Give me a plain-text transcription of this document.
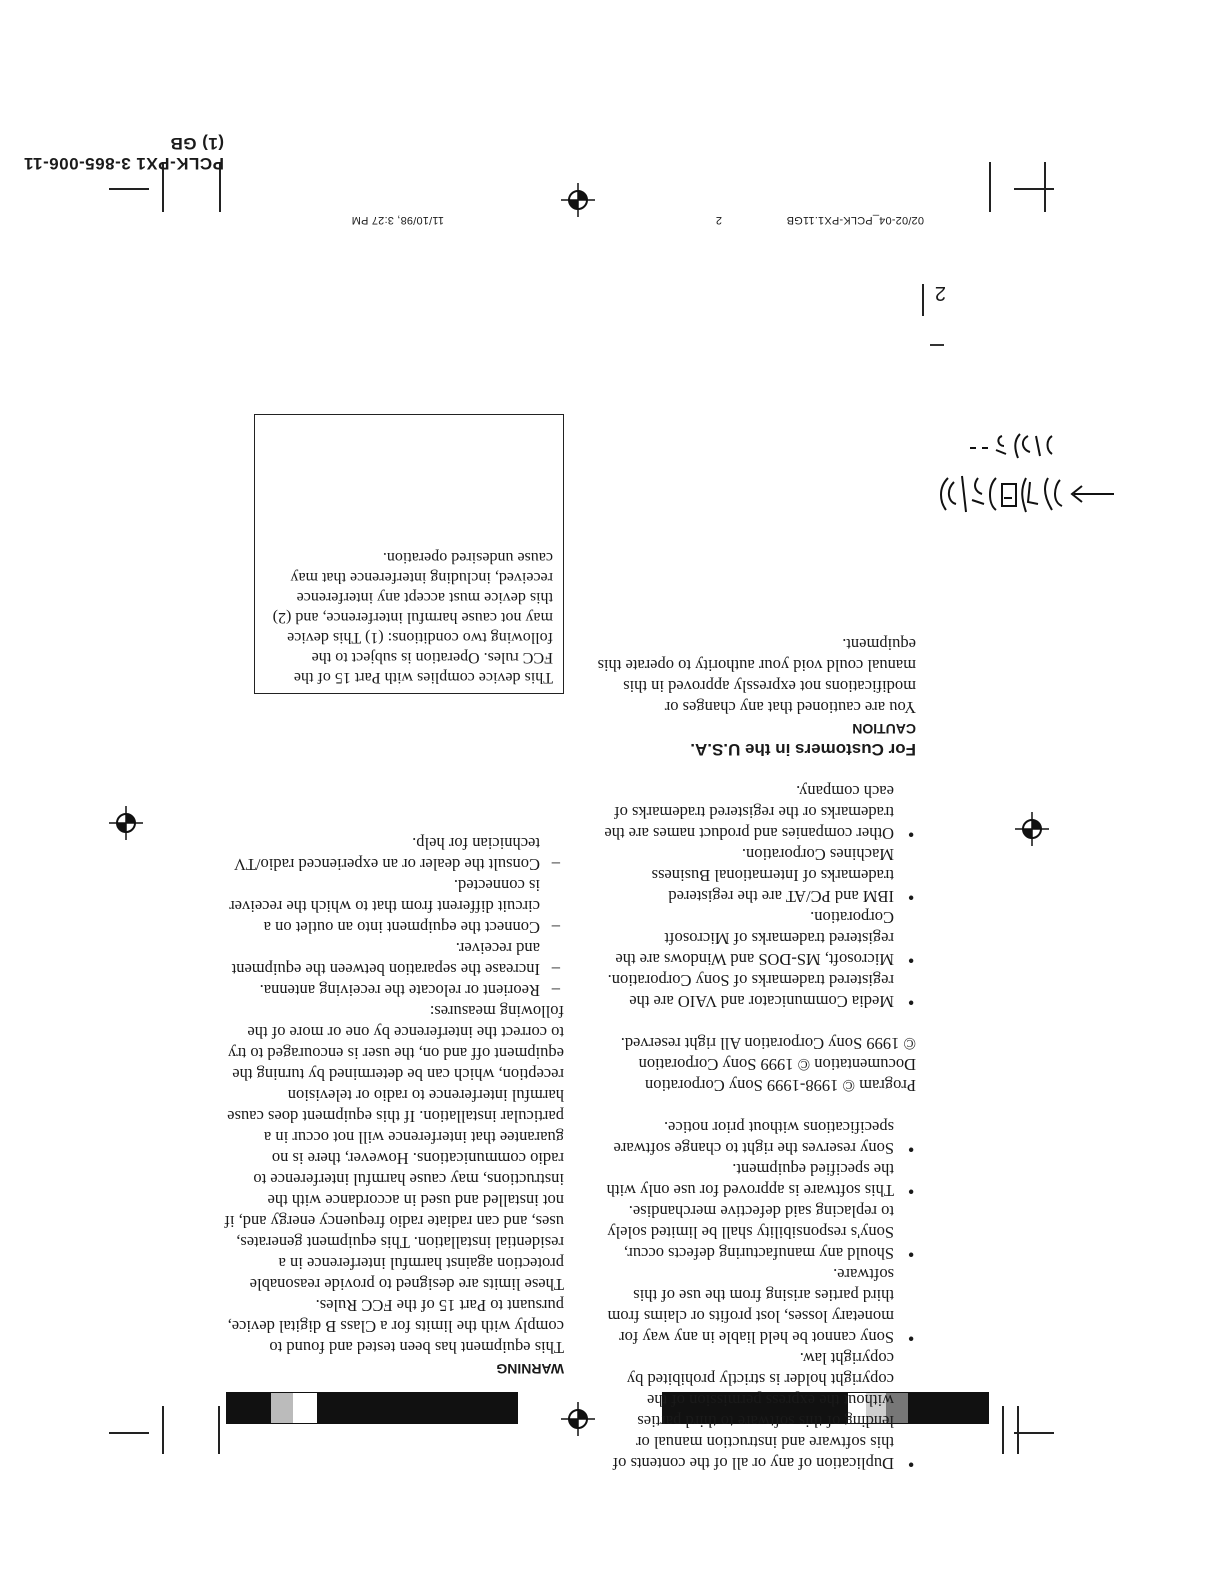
02/02-04_PCLK-PX1.11GB
2
11/10/98, 3:27 PM
PCLK-PX1 3-865-006-11 (1) GB
2

• Duplication of any or all of the contents of this software and instruction manual or lending of this software to third parties without the express permission of the copyright holder is strictly prohibited by copyright law.

• Sony cannot be held liable in any way for monetary losses, lost profits or claims from third parties arising from the use of this software.

• Should any manufacturing defects occur, Sony's responsibility shall be limited solely to replacing said defective merchandise.

• This software is approved for use only with the specified equipment.

• Sony reserves the right to change software specifications without prior notice.

Program © 1998-1999 Sony Corporation

Documentation © 1999 Sony Corporation

© 1999 Sony Corporation All right reserved.

• Media Communicator and VAIO are the registered trademarks of Sony Corporation.

• Microsoft, MS-DOS and Windows are the registered trademarks of Microsoft Corporation.

• IBM and PC/AT are the registered trademarks of International Business Machines Corporation.

• Other companies and product names are the trademarks or the registered trademarks of each company.

For Customers in the U.S.A.

CAUTION

You are cautioned that any changes or modifications not expressly approved in this manual could void your authority to operate this equipment.

WARNING

This equipment has been tested and found to comply with the limits for a Class B digital device, pursuant to Part 15 of the FCC Rules.

These limits are designed to provide reasonable protection against harmful interference in a residential installation. This equipment generates, uses, and can radiate radio frequency energy and, if not installed and used in accordance with the instructions, may cause harmful interference to radio communications. However, there is no guarantee that interference will not occur in a particular installation. If this equipment does cause harmful interference to radio or television reception, which can be determined by turning the equipment off and on, the user is encouraged to try to correct the interference by one or more of the following measures:

– Reorient or relocate the receiving antenna.
– Increase the separation between the equipment and receiver.
– Connect the equipment into an outlet on a circuit different from that to which the receiver is connected.
– Consult the dealer or an experienced radio/TV technician for help.
This device complies with Part 15 of the FCC rules. Operation is subject to the following two conditions: (1) This device may not cause harmful interference, and (2) this device must accept any interference received, including interference that may cause undesired operation.
